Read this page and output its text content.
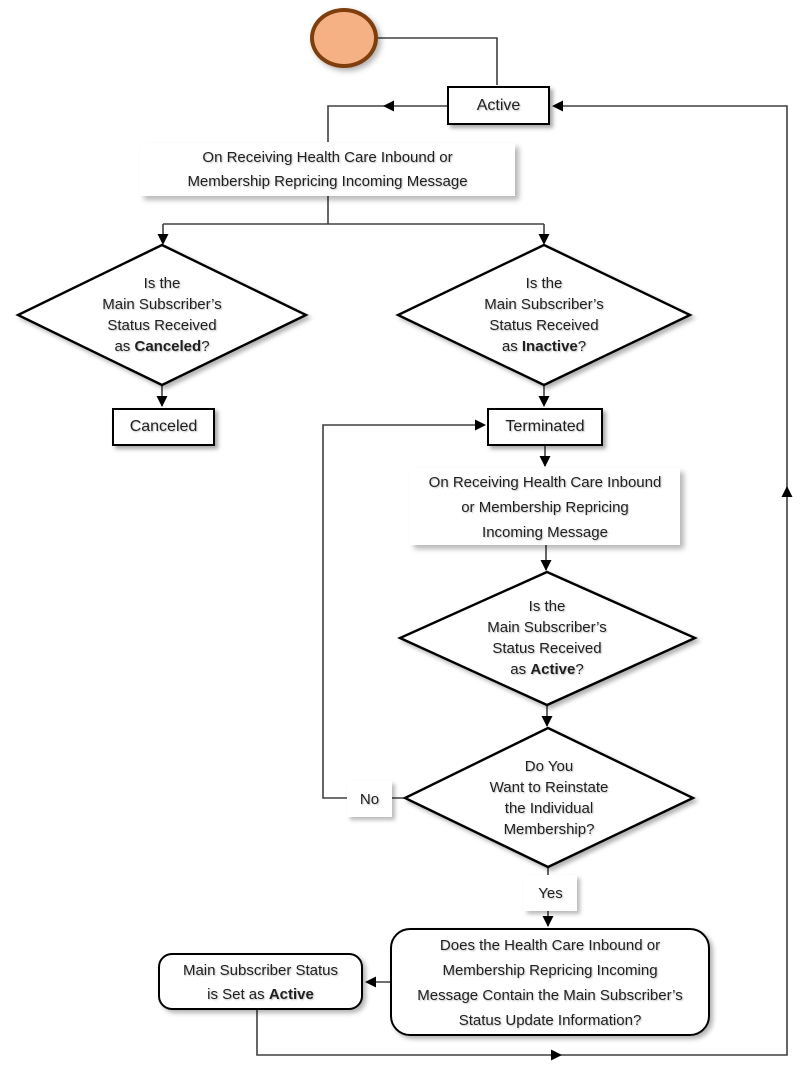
Active
On Receiving Health Care Inbound or
Membership Repricing Incoming Message
Is the
Main Subscriber’s
Status Received
as Canceled?
Is the
Main Subscriber’s
Status Received
as Inactive?
Canceled	Terminated
On Receiving Health Care Inbound
or Membership Repricing
Incoming Message
Is the
Main Subscriber’s
Status Received
as Active?
Do You
Want to Reinstate
the Individual
Membership?
No
Yes
Does the Health Care Inbound or
Membership Repricing Incoming
Message Contain the Main Subscriber’s
Status Update Information?
Main Subscriber Status
is Set as Active
